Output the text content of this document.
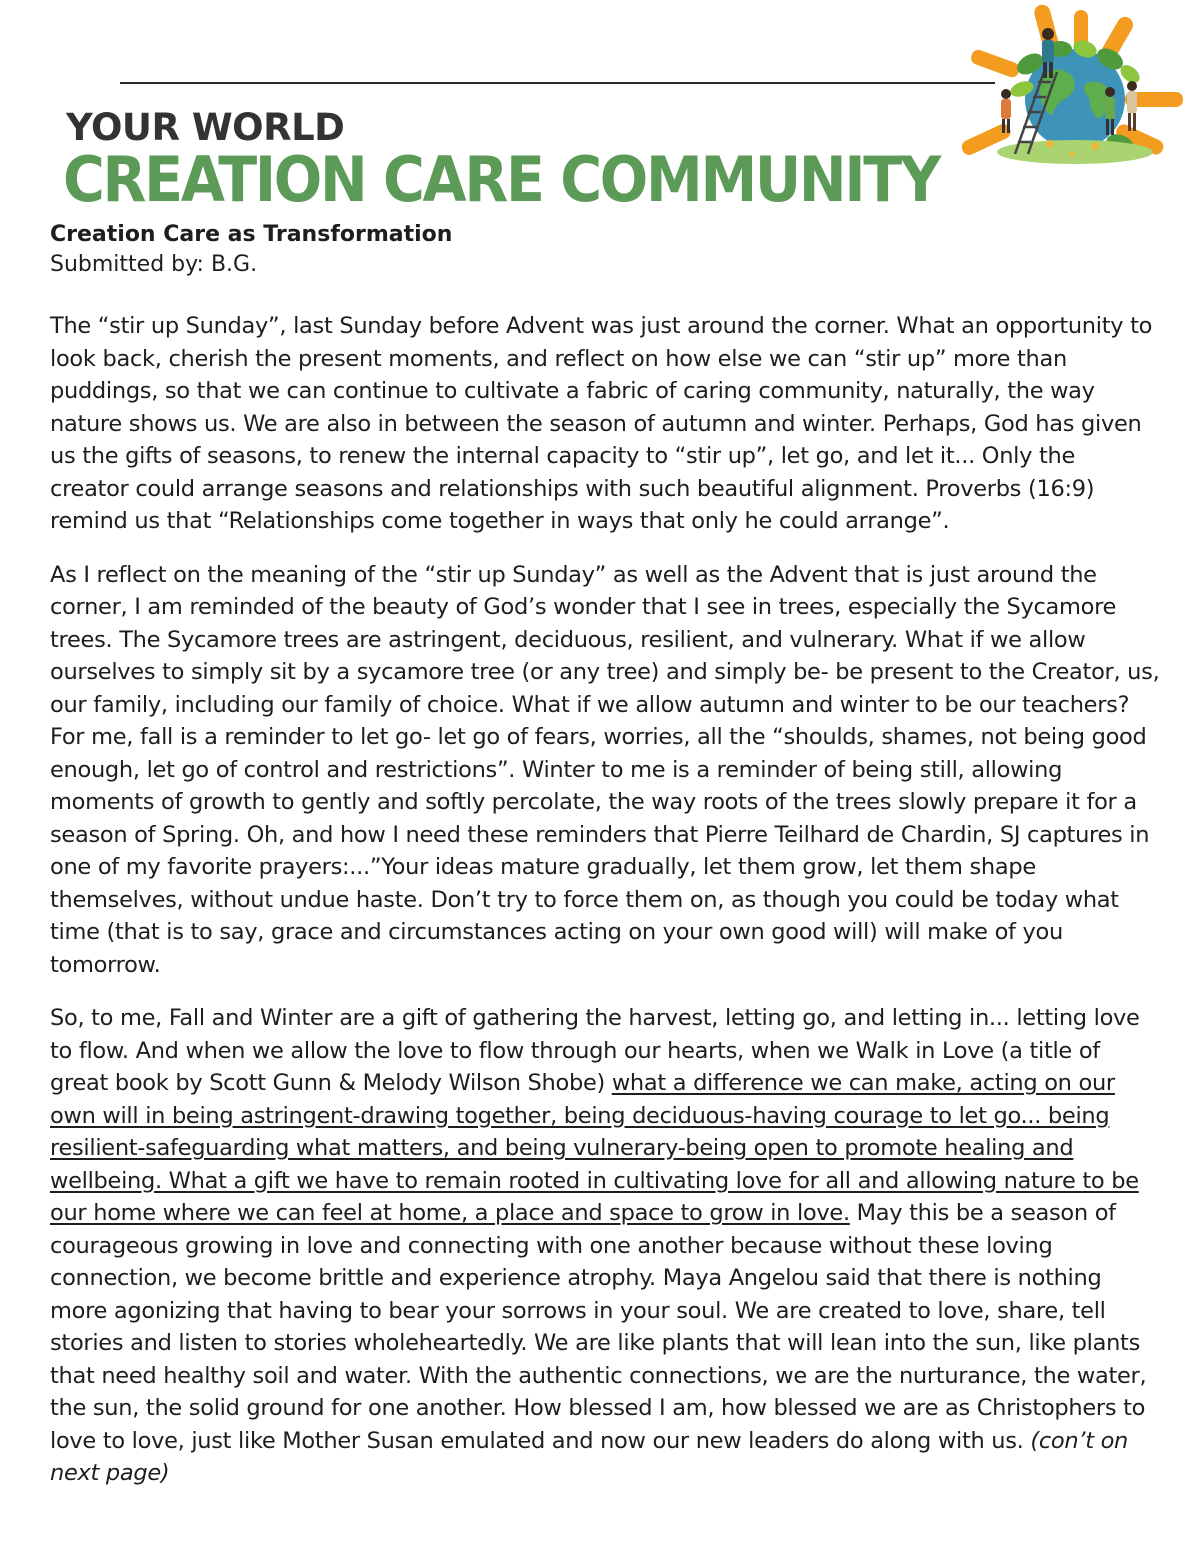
YOUR WORLD
CREATION CARE COMMUNITY
Creation Care as Transformation
Submitted by: B.G.

The “stir up Sunday”, last Sunday before Advent was just around the corner. What an opportunity to look back, cherish the present moments, and reflect on how else we can “stir up” more than puddings, so that we can continue to cultivate a fabric of caring community, naturally, the way nature shows us. We are also in between the season of autumn and winter. Perhaps, God has given us the gifts of seasons, to renew the internal capacity to “stir up”, let go, and let it... Only the creator could arrange seasons and relationships with such beautiful alignment. Proverbs (16:9) remind us that “Relationships come together in ways that only he could arrange”.

As I reflect on the meaning of the “stir up Sunday” as well as the Advent that is just around the corner, I am reminded of the beauty of God’s wonder that I see in trees, especially the Sycamore trees. The Sycamore trees are astringent, deciduous, resilient, and vulnerary. What if we allow ourselves to simply sit by a sycamore tree (or any tree) and simply be- be present to the Creator, us, our family, including our family of choice. What if we allow autumn and winter to be our teachers? For me, fall is a reminder to let go- let go of fears, worries, all the “shoulds, shames, not being good enough, let go of control and restrictions”. Winter to me is a reminder of being still, allowing moments of growth to gently and softly percolate, the way roots of the trees slowly prepare it for a season of Spring. Oh, and how I need these reminders that Pierre Teilhard de Chardin, SJ captures in one of my favorite prayers:...”Your ideas mature gradually, let them grow, let them shape themselves, without undue haste. Don’t try to force them on, as though you could be today what time (that is to say, grace and circumstances acting on your own good will) will make of you tomorrow.

So, to me, Fall and Winter are a gift of gathering the harvest, letting go, and letting in... letting love to flow. And when we allow the love to flow through our hearts, when we Walk in Love (a title of great book by Scott Gunn & Melody Wilson Shobe) what a difference we can make, acting on our own will in being astringent-drawing together, being deciduous-having courage to let go... being resilient-safeguarding what matters, and being vulnerary-being open to promote healing and wellbeing. What a gift we have to remain rooted in cultivating love for all and allowing nature to be our home where we can feel at home, a place and space to grow in love. May this be a season of courageous growing in love and connecting with one another because without these loving connection, we become brittle and experience atrophy. Maya Angelou said that there is nothing more agonizing that having to bear your sorrows in your soul. We are created to love, share, tell stories and listen to stories wholeheartedly. We are like plants that will lean into the sun, like plants that need healthy soil and water. With the authentic connections, we are the nurturance, the water, the sun, the solid ground for one another. How blessed I am, how blessed we are as Christophers to love to love, just like Mother Susan emulated and now our new leaders do along with us. (con’t on next page)
